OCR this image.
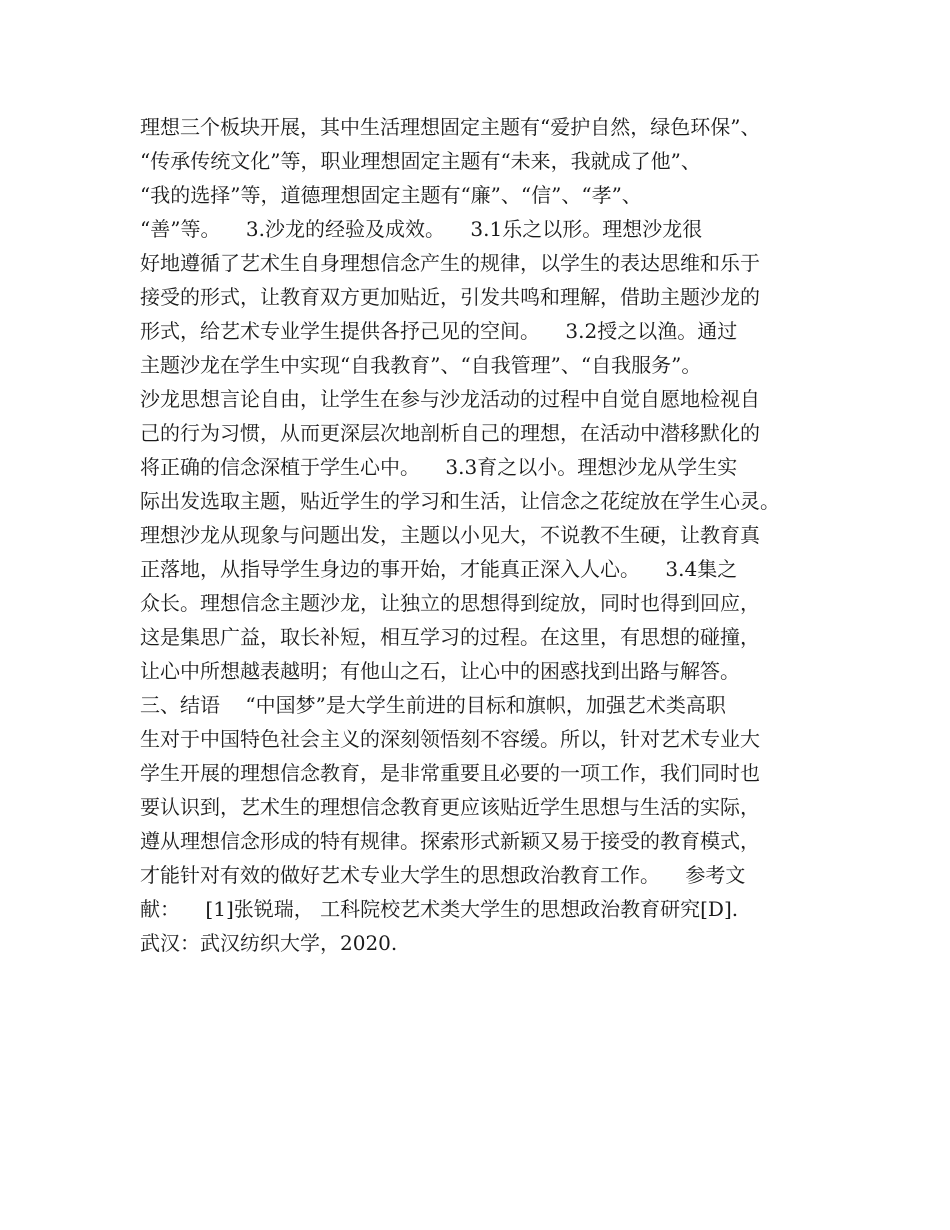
理想三个板块开展，其中生活理想固定主题有“爱护自然，绿色环保”、
“传承传统文化”等，职业理想固定主题有“未来，我就成了他”、
“我的选择”等，道德理想固定主题有“廉”、“信”、“孝”、
“善”等。    3.沙龙的经验及成效。    3.1乐之以形。理想沙龙很
好地遵循了艺术生自身理想信念产生的规律，以学生的表达思维和乐于
接受的形式，让教育双方更加贴近，引发共鸣和理解，借助主题沙龙的
形式，给艺术专业学生提供各抒己见的空间。    3.2授之以渔。通过
主题沙龙在学生中实现“自我教育”、“自我管理”、“自我服务”。
沙龙思想言论自由，让学生在参与沙龙活动的过程中自觉自愿地检视自
己的行为习惯，从而更深层次地剖析自己的理想，在活动中潜移默化的
将正确的信念深植于学生心中。    3.3育之以小。理想沙龙从学生实
际出发选取主题，贴近学生的学习和生活，让信念之花绽放在学生心灵。
理想沙龙从现象与问题出发，主题以小见大，不说教不生硬，让教育真
正落地，从指导学生身边的事开始，才能真正深入人心。    3.4集之
众长。理想信念主题沙龙，让独立的思想得到绽放，同时也得到回应，
这是集思广益，取长补短，相互学习的过程。在这里，有思想的碰撞，
让心中所想越表越明；有他山之石，让心中的困惑找到出路与解答。
三、结语    “中国梦”是大学生前进的目标和旗帜，加强艺术类高职
生对于中国特色社会主义的深刻领悟刻不容缓。所以，针对艺术专业大
学生开展的理想信念教育，是非常重要且必要的一项工作，我们同时也
要认识到，艺术生的理想信念教育更应该贴近学生思想与生活的实际，
遵从理想信念形成的特有规律。探索形式新颖又易于接受的教育模式，
才能针对有效的做好艺术专业大学生的思想政治教育工作。    参考文
献：    [1]张锐瑞， 工科院校艺术类大学生的思想政治教育研究[D].
武汉：武汉纺织大学，2020.
